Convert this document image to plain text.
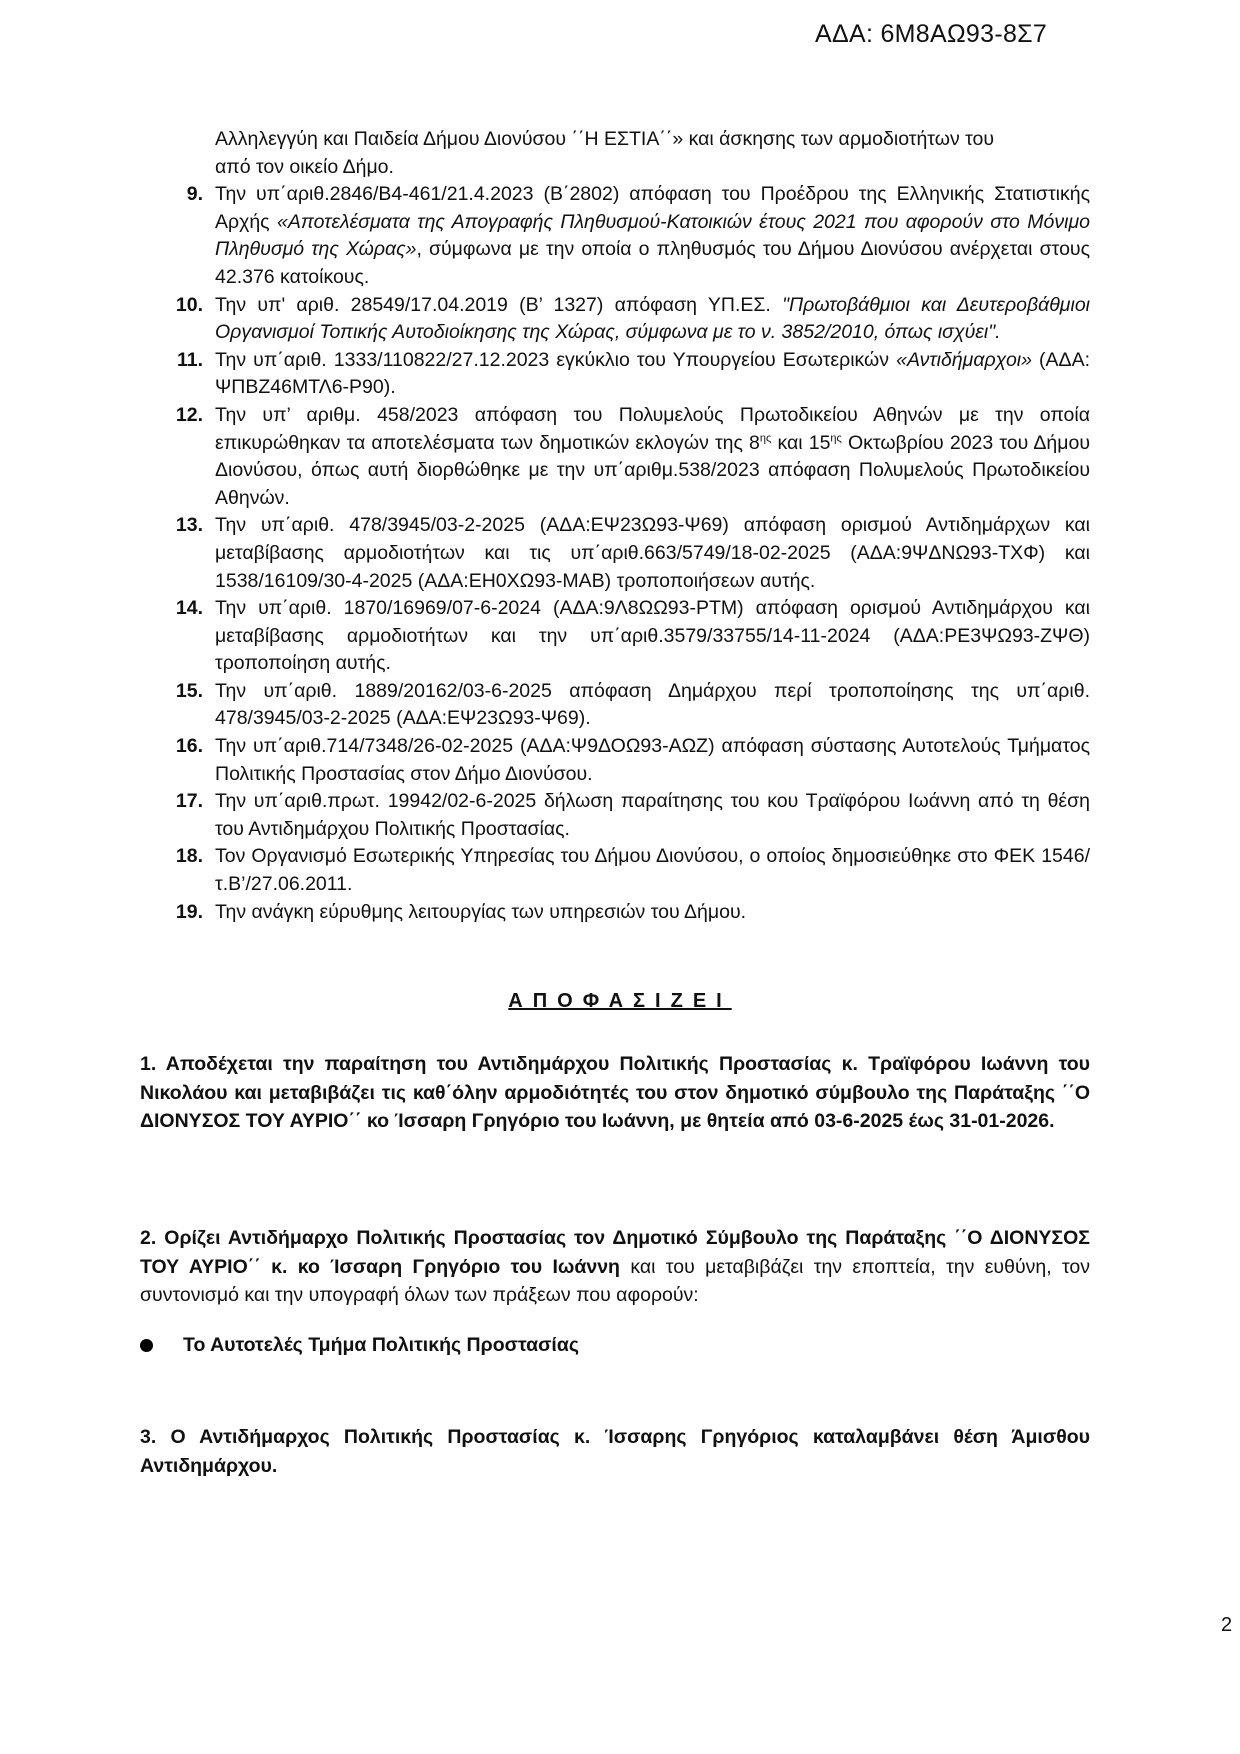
ΑΔΑ: 6Μ8ΑΩ93-8Σ7
Αλληλεγγύη και Παιδεία Δήμου Διονύσου ΄΄Η ΕΣΤΙΑ΄΄» και άσκησης των αρμοδιοτήτων του
από τον οικείο Δήμο.
9. Την υπ΄αριθ.2846/Β4-461/21.4.2023 (Β΄2802) απόφαση του Προέδρου της Ελληνικής Στατιστικής Αρχής «Αποτελέσματα της Απογραφής Πληθυσμού-Κατοικιών έτους 2021 που αφορούν στο Μόνιμο Πληθυσμό της Χώρας», σύμφωνα με την οποία ο πληθυσμός του Δήμου Διονύσου ανέρχεται στους 42.376 κατοίκους.
10. Την υπ' αριθ. 28549/17.04.2019 (Β’ 1327) απόφαση ΥΠ.ΕΣ. "Πρωτοβάθμιοι και Δευτεροβάθμιοι Οργανισμοί Τοπικής Αυτοδιοίκησης της Χώρας, σύμφωνα με το ν. 3852/2010, όπως ισχύει".
11. Την υπ΄αριθ. 1333/110822/27.12.2023 εγκύκλιο του Υπουργείου Εσωτερικών «Αντιδήμαρχοι» (ΑΔΑ: ΨΠΒΖ46ΜΤΛ6-Ρ90).
12. Την υπ’ αριθμ. 458/2023 απόφαση του Πολυμελούς Πρωτοδικείου Αθηνών με την οποία επικυρώθηκαν τα αποτελέσματα των δημοτικών εκλογών της $8^{\eta\varsigma}$ και $15^{\eta\varsigma}$ Οκτωβρίου 2023 του Δήμου Διονύσου, όπως αυτή διορθώθηκε με την υπ΄αριθμ.538/2023 απόφαση Πολυμελούς Πρωτοδικείου Αθηνών.
13. Την υπ΄αριθ. 478/3945/03-2-2025 (ΑΔΑ:ΕΨ23Ω93-Ψ69) απόφαση ορισμού Αντιδημάρχων και μεταβίβασης αρμοδιοτήτων και τις υπ΄αριθ.663/5749/18-02-2025 (ΑΔΑ:9ΨΔΝΩ93-ΤΧΦ) και 1538/16109/30-4-2025 (ΑΔΑ:ΕΗ0ΧΩ93-ΜΑΒ) τροποποιήσεων αυτής.
14. Την υπ΄αριθ. 1870/16969/07-6-2024 (ΑΔΑ:9Λ8ΩΩ93-ΡΤΜ) απόφαση ορισμού Αντιδημάρχου και μεταβίβασης αρμοδιοτήτων και την υπ΄αριθ.3579/33755/14-11-2024 (ΑΔΑ:ΡΕ3ΨΩ93-ΖΨΘ) τροποποίηση αυτής.
15. Την υπ΄αριθ. 1889/20162/03-6-2025 απόφαση Δημάρχου περί τροποποίησης της υπ΄αριθ. 478/3945/03-2-2025 (ΑΔΑ:ΕΨ23Ω93-Ψ69).
16. Την υπ΄αριθ.714/7348/26-02-2025 (ΑΔΑ:Ψ9ΔΟΩ93-ΑΩΖ) απόφαση σύστασης Αυτοτελούς Τμήματος Πολιτικής Προστασίας στον Δήμο Διονύσου.
17. Την υπ΄αριθ.πρωτ. 19942/02-6-2025 δήλωση παραίτησης του κου Τραϊφόρου Ιωάννη από τη θέση του Αντιδημάρχου Πολιτικής Προστασίας.
18. Τον Οργανισμό Εσωτερικής Υπηρεσίας του Δήμου Διονύσου, ο οποίος δημοσιεύθηκε στο ΦΕΚ 1546/τ.Β’/27.06.2011.
19. Την ανάγκη εύρυθμης λειτουργίας των υπηρεσιών του Δήμου.
ΑΠΟΦΑΣΙΖΕΙ

1. Αποδέχεται την παραίτηση του Αντιδημάρχου Πολιτικής Προστασίας κ. Τραϊφόρου Ιωάννη του Νικολάου και μεταβιβάζει τις καθ΄όλην αρμοδιότητές του στον δημοτικό σύμβουλο της Παράταξης ΄΄Ο ΔΙΟΝΥΣΟΣ ΤΟΥ ΑΥΡΙΟ΄΄ κο Ίσσαρη Γρηγόριο του Ιωάννη, με θητεία από 03-6-2025 έως 31-01-2026.

2. Ορίζει Αντιδήμαρχο Πολιτικής Προστασίας τον Δημοτικό Σύμβουλο της Παράταξης ΄΄Ο ΔΙΟΝΥΣΟΣ ΤΟΥ ΑΥΡΙΟ΄΄ κ. κο Ίσσαρη Γρηγόριο του Ιωάννη και του μεταβιβάζει την εποπτεία, την ευθύνη, τον συντονισμό και την υπογραφή όλων των πράξεων που αφορούν:

Το Αυτοτελές Τμήμα Πολιτικής Προστασίας

3. Ο Αντιδήμαρχος Πολιτικής Προστασίας κ. Ίσσαρης Γρηγόριος καταλαμβάνει θέση Άμισθου Αντιδημάρχου.

2
